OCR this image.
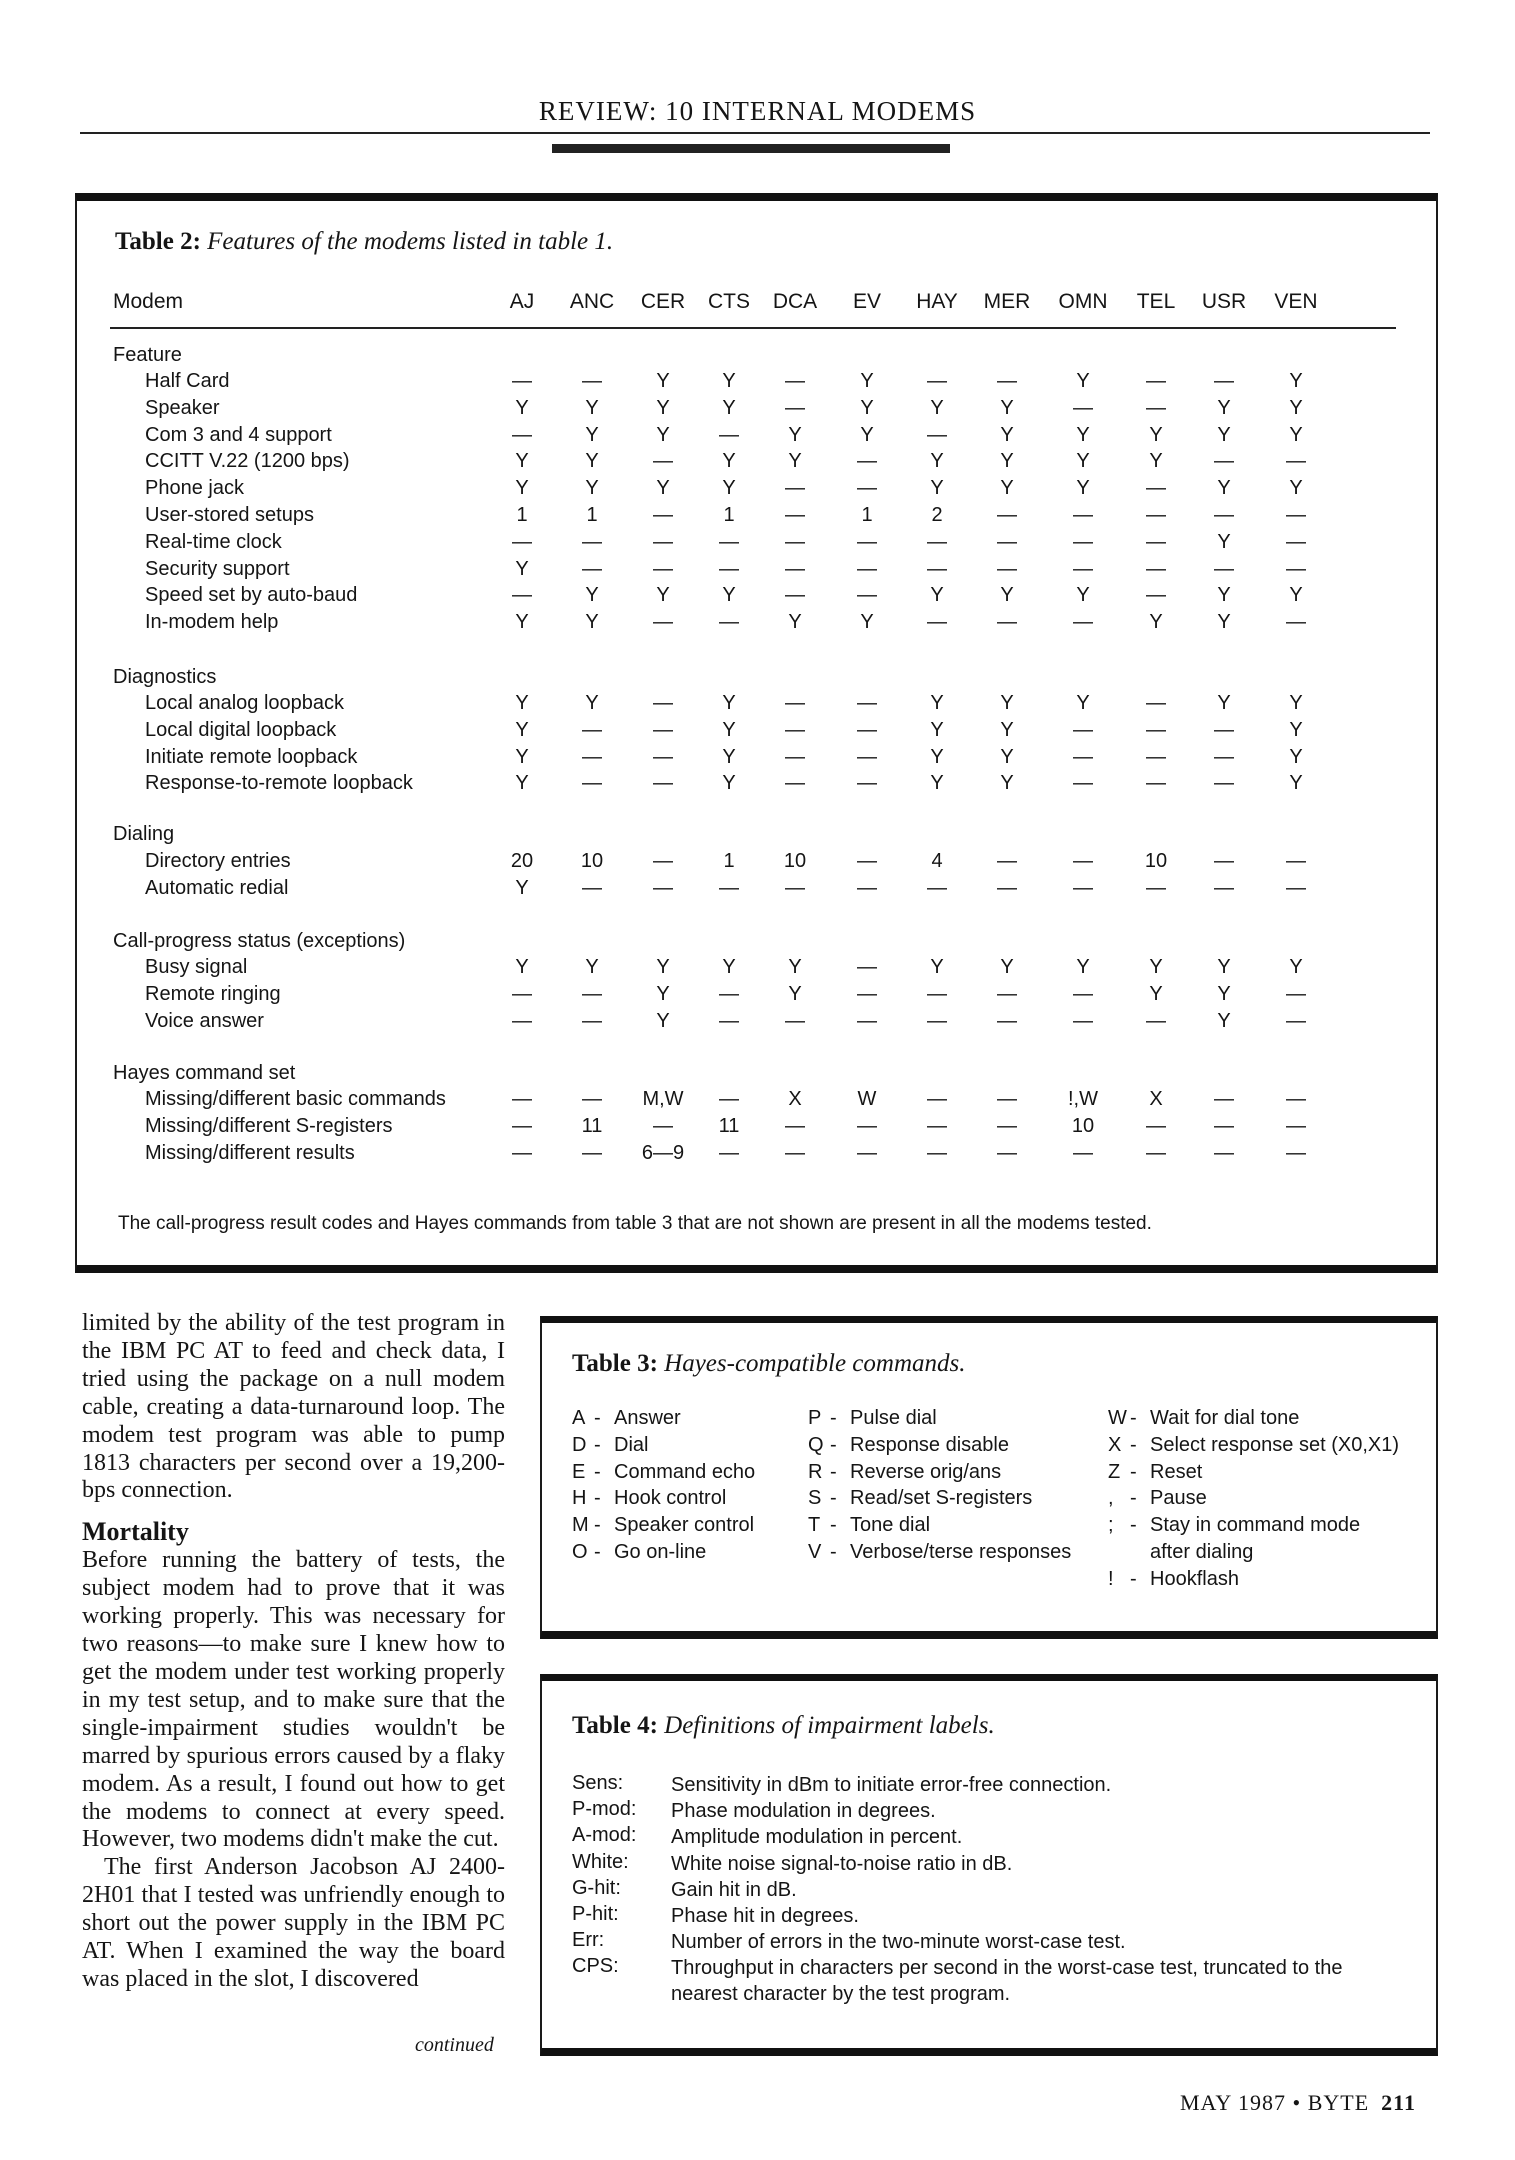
REVIEW: 10 INTERNAL MODEMS
Table 2: Features of the modems listed in table 1.
Modem	AJ	ANC	CER	CTS	DCA	EV	HAY	MER	OMN	TEL	USR	VEN
Feature
Half Card	—	—	Y	Y	—	Y	—	—	Y	—	—	Y
Speaker	Y	Y	Y	Y	—	Y	Y	Y	—	—	Y	Y
Com 3 and 4 support	—	Y	Y	—	Y	Y	—	Y	Y	Y	Y	Y
CCITT V.22 (1200 bps)	Y	Y	—	Y	Y	—	Y	Y	Y	Y	—	—
Phone jack	Y	Y	Y	Y	—	—	Y	Y	Y	—	Y	Y
User-stored setups	1	1	—	1	—	1	2	—	—	—	—	—
Real-time clock	—	—	—	—	—	—	—	—	—	—	Y	—
Security support	Y	—	—	—	—	—	—	—	—	—	—	—
Speed set by auto-baud	—	Y	Y	Y	—	—	Y	Y	Y	—	Y	Y
In-modem help	Y	Y	—	—	Y	Y	—	—	—	Y	Y	—
Diagnostics
Local analog loopback	Y	Y	—	Y	—	—	Y	Y	Y	—	Y	Y
Local digital loopback	Y	—	—	Y	—	—	Y	Y	—	—	—	Y
Initiate remote loopback	Y	—	—	Y	—	—	Y	Y	—	—	—	Y
Response-to-remote loopback	Y	—	—	Y	—	—	Y	Y	—	—	—	Y
Dialing
Directory entries	20	10	—	1	10	—	4	—	—	10	—	—
Automatic redial	Y	—	—	—	—	—	—	—	—	—	—	—
Call-progress status (exceptions)
Busy signal	Y	Y	Y	Y	Y	—	Y	Y	Y	Y	Y	Y
Remote ringing	—	—	Y	—	Y	—	—	—	—	Y	Y	—
Voice answer	—	—	Y	—	—	—	—	—	—	—	Y	—
Hayes command set
Missing/different basic commands	—	—	M,W	—	X	W	—	—	!,W	X	—	—
Missing/different S-registers	—	11	—	11	—	—	—	—	10	—	—	—
Missing/different results	—	—	6—9	—	—	—	—	—	—	—	—	—
The call-progress result codes and Hayes commands from table 3 that are not shown are present in all the modems tested.

limited by the ability of the test program in the IBM PC AT to feed and check data, I tried using the package on a null modem cable, creating a data-turnaround loop. The modem test program was able to pump 1813 characters per second over a 19,200-bps connection.

Mortality

Before running the battery of tests, the subject modem had to prove that it was working properly. This was necessary for two reasons—to make sure I knew how to get the modem under test working properly in my test setup, and to make sure that the single-impairment studies wouldn't be marred by spurious errors caused by a flaky modem. As a result, I found out how to get the modems to connect at every speed. However, two modems didn't make the cut.

The first Anderson Jacobson AJ 2400-2H01 that I tested was unfriendly enough to short out the power supply in the IBM PC AT. When I examined the way the board was placed in the slot, I discovered

continued
Table 3: Hayes-compatible commands.
A - Answer
D - Dial
E - Command echo
H - Hook control
M - Speaker control
O - Go on-line
P - Pulse dial
Q - Response disable
R - Reverse orig/ans
S - Read/set S-registers
T - Tone dial
V - Verbose/terse responses
W - Wait for dial tone
X - Select response set (X0,X1)
Z - Reset
, - Pause
; - Stay in command mode
after dialing
! - Hookflash
Table 4: Definitions of impairment labels.
Sens: Sensitivity in dBm to initiate error-free connection.
P-mod: Phase modulation in degrees.
A-mod: Amplitude modulation in percent.
White: White noise signal-to-noise ratio in dB.
G-hit:	Gain hit in dB.
P-hit:	Phase hit in degrees.
Err:	Number of errors in the two-minute worst-case test.
CPS:	Throughput in characters per second in the worst-case test, truncated to the nearest character by the test program.
MAY 1987 • BYTE 211
